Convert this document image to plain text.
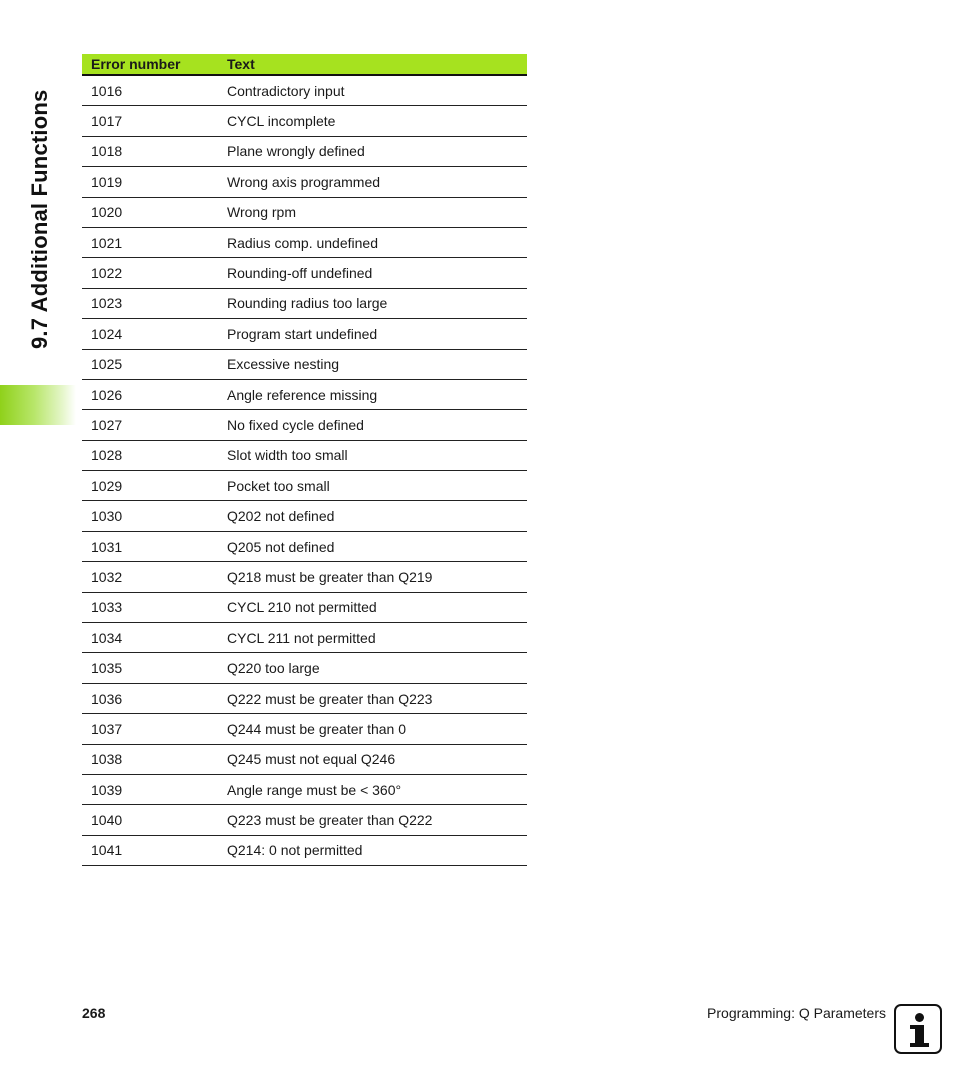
9.7 Additional Functions
Error number	Text
1016	Contradictory input
1017	CYCL incomplete
1018	Plane wrongly defined
1019	Wrong axis programmed
1020	Wrong rpm
1021	Radius comp. undefined
1022	Rounding-off undefined
1023	Rounding radius too large
1024	Program start undefined
1025	Excessive nesting
1026	Angle reference missing
1027	No fixed cycle defined
1028	Slot width too small
1029	Pocket too small
1030	Q202 not defined
1031	Q205 not defined
1032	Q218 must be greater than Q219
1033	CYCL 210 not permitted
1034	CYCL 211 not permitted
1035	Q220 too large
1036	Q222 must be greater than Q223
1037	Q244 must be greater than 0
1038	Q245 must not equal Q246
1039	Angle range must be < 360°
1040	Q223 must be greater than Q222
1041	Q214: 0 not permitted
268	Programming: Q Parameters
